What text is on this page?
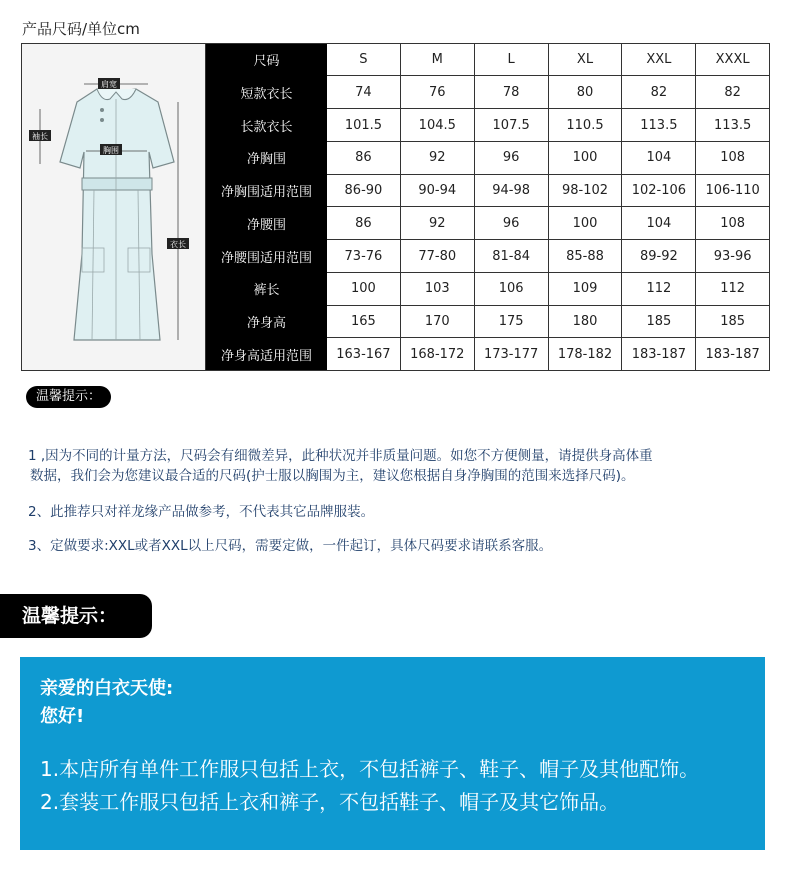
产品尺码/单位cm
肩宽
袖长
胸围
衣长
尺码	S	M	L	XL	XXL	XXXL
短款衣长	74	76	78	80	82	82
长款衣长	101.5	104.5	107.5	110.5	113.5	113.5
净胸围	86	92	96	100	104	108
净胸围适用范围	86-90	90-94	94-98	98-102	102-106	106-110
净腰围	86	92	96	100	104	108
净腰围适用范围	73-76	77-80	81-84	85-88	89-92	93-96
裤长	100	103	106	109	112	112
净身高	165	170	175	180	185	185
净身高适用范围	163-167	168-172	173-177	178-182	183-187	183-187
温馨提示：

1 ,因为不同的计量方法，尺码会有细微差异，此种状况并非质量问题。如您不方便侧量，请提供身高体重
数据，我们会为您建议最合适的尺码(护士服以胸围为主，建议您根据自身净胸围的范围来选择尺码)。

2、此推荐只对祥龙缘产品做参考，不代表其它品牌服装。

3、定做要求:XXL或者XXL以上尺码，需要定做，一件起订，具体尺码要求请联系客服。

温馨提示：
亲爱的白衣天使:
您好!
1.本店所有单件工作服只包括上衣，不包括裤子、鞋子、帽子及其他配饰。
2.套装工作服只包括上衣和裤子，不包括鞋子、帽子及其它饰品。
